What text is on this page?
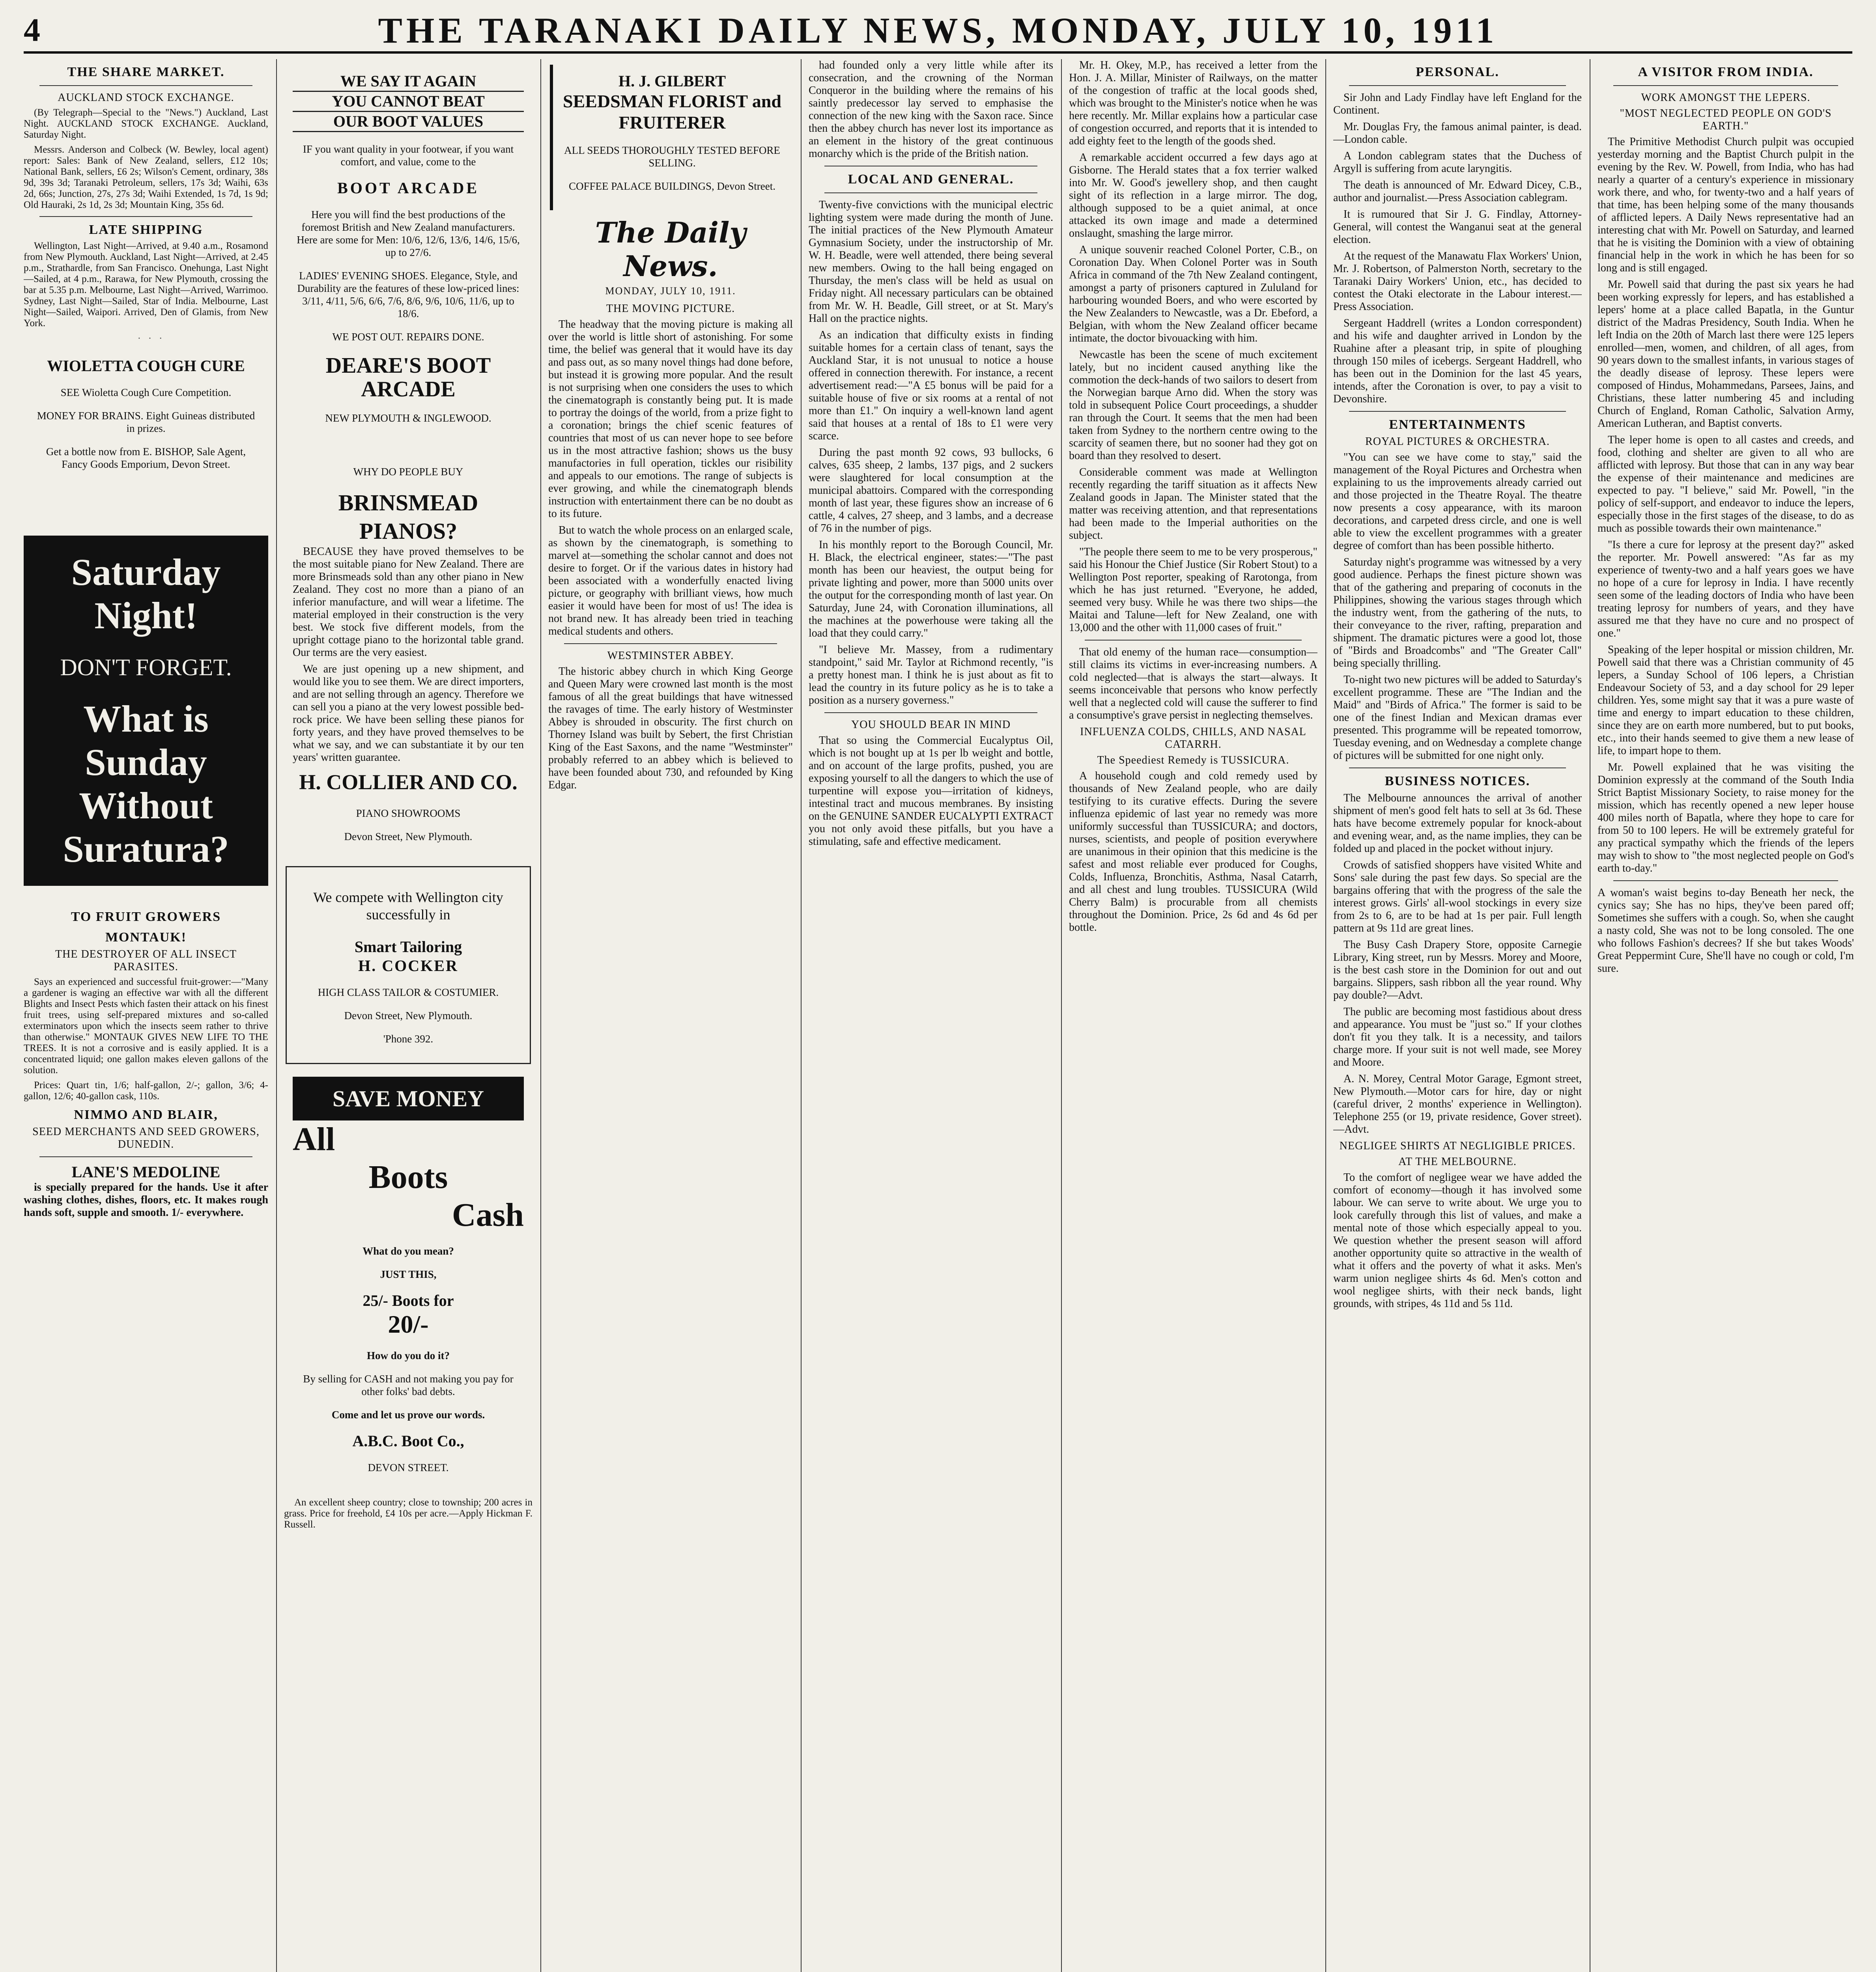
4	THE TARANAKI DAILY NEWS, MONDAY, JULY 10, 1911
THE SHARE MARKET.
AUCKLAND STOCK EXCHANGE.

(By Telegraph—Special to the "News.") Auckland, Last Night. AUCKLAND STOCK EXCHANGE. Auckland, Saturday Night.

Messrs. Anderson and Colbeck (W. Bewley, local agent) report: Sales: Bank of New Zealand, sellers, £12 10s; National Bank, sellers, £6 2s; Wilson's Cement, ordinary, 38s 9d, 39s 3d; Taranaki Petroleum, sellers, 17s 3d; Waihi, 63s 2d, 66s; Junction, 27s, 27s 3d; Waihi Extended, 1s 7d, 1s 9d; Old Hauraki, 2s 1d, 2s 3d; Mountain King, 35s 6d.

LATE SHIPPING

Wellington, Last Night—Arrived, at 9.40 a.m., Rosamond from New Plymouth. Auckland, Last Night—Arrived, at 2.45 p.m., Strathardle, from San Francisco. Onehunga, Last Night—Sailed, at 4 p.m., Rarawa, for New Plymouth, crossing the bar at 5.35 p.m. Melbourne, Last Night—Arrived, Warrimoo. Sydney, Last Night—Sailed, Star of India. Melbourne, Last Night—Sailed, Waipori. Arrived, Den of Glamis, from New York.

· · ·

WIOLETTA COUGH CURE

SEE Wioletta Cough Cure Competition.

MONEY FOR BRAINS. Eight Guineas distributed in prizes.

Get a bottle now from E. BISHOP, Sale Agent, Fancy Goods Emporium, Devon Street.

Saturday
Night!
DON'T FORGET.
What is
Sunday
Without
Suratura?
TO FRUIT GROWERS
MONTAUK!
THE DESTROYER OF ALL INSECT PARASITES.

Says an experienced and successful fruit-grower:—"Many a gardener is waging an effective war with all the different Blights and Insect Pests which fasten their attack on his finest fruit trees, using self-prepared mixtures and so-called exterminators upon which the insects seem rather to thrive than otherwise." MONTAUK GIVES NEW LIFE TO THE TREES. It is not a corrosive and is easily applied. It is a concentrated liquid; one gallon makes eleven gallons of the solution.

Prices: Quart tin, 1/6; half-gallon, 2/-; gallon, 3/6; 4-gallon, 12/6; 40-gallon cask, 110s.

NIMMO AND BLAIR,
SEED MERCHANTS AND SEED GROWERS, DUNEDIN.
LANE'S MEDOLINE

is specially prepared for the hands. Use it after washing clothes, dishes, floors, etc. It makes rough hands soft, supple and smooth. 1/- everywhere.

WE SAY IT AGAIN
YOU CANNOT BEAT
OUR BOOT VALUES

IF you want quality in your footwear, if you want comfort, and value, come to the

BOOT ARCADE

Here you will find the best productions of the foremost British and New Zealand manufacturers. Here are some for Men: 10/6, 12/6, 13/6, 14/6, 15/6, up to 27/6.

LADIES' EVENING SHOES. Elegance, Style, and Durability are the features of these low-priced lines: 3/11, 4/11, 5/6, 6/6, 7/6, 8/6, 9/6, 10/6, 11/6, up to 18/6.

WE POST OUT. REPAIRS DONE.

DEARE'S BOOT ARCADE

NEW PLYMOUTH & INGLEWOOD.

WHY DO PEOPLE BUY

BRINSMEAD PIANOS?

BECAUSE they have proved themselves to be the most suitable piano for New Zealand. There are more Brinsmeads sold than any other piano in New Zealand. They cost no more than a piano of an inferior manufacture, and will wear a lifetime. The material employed in their construction is the very best. We stock five different models, from the upright cottage piano to the horizontal table grand. Our terms are the very easiest.

We are just opening up a new shipment, and would like you to see them. We are direct importers, and are not selling through an agency. Therefore we can sell you a piano at the very lowest possible bed-rock price. We have been selling these pianos for forty years, and they have proved themselves to be what we say, and we can substantiate it by our ten years' written guarantee.

H. COLLIER AND CO.

PIANO SHOWROOMS

Devon Street, New Plymouth.

We compete with Wellington city successfully in

Smart Tailoring
H. COCKER

HIGH CLASS TAILOR & COSTUMIER.

Devon Street, New Plymouth.

'Phone 392.

SAVE MONEY
All
Boots
Cash

What do you mean?

JUST THIS,

25/- Boots for
20/-

How do you do it?

By selling for CASH and not making you pay for other folks' bad debts.

Come and let us prove our words.

A.B.C. Boot Co.,

DEVON STREET.

An excellent sheep country; close to township; 200 acres in grass. Price for freehold, £4 10s per acre.—Apply Hickman F. Russell.

H. J. GILBERT
SEEDSMAN FLORIST and FRUITERER

ALL SEEDS THOROUGHLY TESTED BEFORE SELLING.

COFFEE PALACE BUILDINGS, Devon Street.

The Daily News.
MONDAY, JULY 10, 1911.
THE MOVING PICTURE.

The headway that the moving picture is making all over the world is little short of astonishing. For some time, the belief was general that it would have its day and pass out, as so many novel things had done before, but instead it is growing more popular. And the result is not surprising when one considers the uses to which the cinematograph is constantly being put. It is made to portray the doings of the world, from a prize fight to a coronation; brings the chief scenic features of countries that most of us can never hope to see before us in the most attractive fashion; shows us the busy manufactories in full operation, tickles our risibility and appeals to our emotions. The range of subjects is ever growing, and while the cinematograph blends instruction with entertainment there can be no doubt as to its future.

But to watch the whole process on an enlarged scale, as shown by the cinematograph, is something to marvel at—something the scholar cannot and does not desire to forget. Or if the various dates in history had been associated with a wonderfully enacted living picture, or geography with brilliant views, how much easier it would have been for most of us! The idea is not brand new. It has already been tried in teaching medical students and others.

WESTMINSTER ABBEY.

The historic abbey church in which King George and Queen Mary were crowned last month is the most famous of all the great buildings that have witnessed the ravages of time. The early history of Westminster Abbey is shrouded in obscurity. The first church on Thorney Island was built by Sebert, the first Christian King of the East Saxons, and the name "Westminster" probably referred to an abbey which is believed to have been founded about 730, and refounded by King Edgar.

had founded only a very little while after its consecration, and the crowning of the Norman Conqueror in the building where the remains of his saintly predecessor lay served to emphasise the connection of the new king with the Saxon race. Since then the abbey church has never lost its importance as an element in the history of the great continuous monarchy which is the pride of the British nation.

LOCAL AND GENERAL.

Twenty-five convictions with the municipal electric lighting system were made during the month of June. The initial practices of the New Plymouth Amateur Gymnasium Society, under the instructorship of Mr. W. H. Beadle, were well attended, there being several new members. Owing to the hall being engaged on Thursday, the men's class will be held as usual on Friday night. All necessary particulars can be obtained from Mr. W. H. Beadle, Gill street, or at St. Mary's Hall on the practice nights.

As an indication that difficulty exists in finding suitable homes for a certain class of tenant, says the Auckland Star, it is not unusual to notice a house offered in connection therewith. For instance, a recent advertisement read:—"A £5 bonus will be paid for a suitable house of five or six rooms at a rental of not more than £1." On inquiry a well-known land agent said that houses at a rental of 18s to £1 were very scarce.

During the past month 92 cows, 93 bullocks, 6 calves, 635 sheep, 2 lambs, 137 pigs, and 2 suckers were slaughtered for local consumption at the municipal abattoirs. Compared with the corresponding month of last year, these figures show an increase of 6 cattle, 4 calves, 27 sheep, and 3 lambs, and a decrease of 76 in the number of pigs.

In his monthly report to the Borough Council, Mr. H. Black, the electrical engineer, states:—"The past month has been our heaviest, the output being for private lighting and power, more than 5000 units over the output for the corresponding month of last year. On Saturday, June 24, with Coronation illuminations, all the machines at the powerhouse were taking all the load that they could carry."

"I believe Mr. Massey, from a rudimentary standpoint," said Mr. Taylor at Richmond recently, "is a pretty honest man. I think he is just about as fit to lead the country in its future policy as he is to take a position as a nursery governess."

YOU SHOULD BEAR IN MIND

That so using the Commercial Eucalyptus Oil, which is not bought up at 1s per lb weight and bottle, and on account of the large profits, pushed, you are exposing yourself to all the dangers to which the use of turpentine will expose you—irritation of kidneys, intestinal tract and mucous membranes. By insisting on the GENUINE SANDER EUCALYPTI EXTRACT you not only avoid these pitfalls, but you have a stimulating, safe and effective medicament.

Mr. H. Okey, M.P., has received a letter from the Hon. J. A. Millar, Minister of Railways, on the matter of the congestion of traffic at the local goods shed, which was brought to the Minister's notice when he was here recently. Mr. Millar explains how a particular case of congestion occurred, and reports that it is intended to add eighty feet to the length of the goods shed.

A remarkable accident occurred a few days ago at Gisborne. The Herald states that a fox terrier walked into Mr. W. Good's jewellery shop, and then caught sight of its reflection in a large mirror. The dog, although supposed to be a quiet animal, at once attacked its own image and made a determined onslaught, smashing the large mirror.

A unique souvenir reached Colonel Porter, C.B., on Coronation Day. When Colonel Porter was in South Africa in command of the 7th New Zealand contingent, amongst a party of prisoners captured in Zululand for harbouring wounded Boers, and who were escorted by the New Zealanders to Newcastle, was a Dr. Ebeford, a Belgian, with whom the New Zealand officer became intimate, the doctor bivouacking with him.

Newcastle has been the scene of much excitement lately, but no incident caused anything like the commotion the deck-hands of two sailors to desert from the Norwegian barque Arno did. When the story was told in subsequent Police Court proceedings, a shudder ran through the Court. It seems that the men had been taken from Sydney to the northern centre owing to the scarcity of seamen there, but no sooner had they got on board than they resolved to desert.

Considerable comment was made at Wellington recently regarding the tariff situation as it affects New Zealand goods in Japan. The Minister stated that the matter was receiving attention, and that representations had been made to the Imperial authorities on the subject.

"The people there seem to me to be very prosperous," said his Honour the Chief Justice (Sir Robert Stout) to a Wellington Post reporter, speaking of Rarotonga, from which he has just returned. "Everyone, he added, seemed very busy. While he was there two ships—the Maitai and Talune—left for New Zealand, one with 13,000 and the other with 11,000 cases of fruit."

That old enemy of the human race—consumption—still claims its victims in ever-increasing numbers. A cold neglected—that is always the start—always. It seems inconceivable that persons who know perfectly well that a neglected cold will cause the sufferer to find a consumptive's grave persist in neglecting themselves.

INFLUENZA COLDS, CHILLS, AND NASAL CATARRH.
The Speediest Remedy is TUSSICURA.

A household cough and cold remedy used by thousands of New Zealand people, who are daily testifying to its curative effects. During the severe influenza epidemic of last year no remedy was more uniformly successful than TUSSICURA; and doctors, nurses, scientists, and people of position everywhere are unanimous in their opinion that this medicine is the safest and most reliable ever produced for Coughs, Colds, Influenza, Bronchitis, Asthma, Nasal Catarrh, and all chest and lung troubles. TUSSICURA (Wild Cherry Balm) is procurable from all chemists throughout the Dominion. Price, 2s 6d and 4s 6d per bottle.

PERSONAL.

Sir John and Lady Findlay have left England for the Continent.

Mr. Douglas Fry, the famous animal painter, is dead.—London cable.

A London cablegram states that the Duchess of Argyll is suffering from acute laryngitis.

The death is announced of Mr. Edward Dicey, C.B., author and journalist.—Press Association cablegram.

It is rumoured that Sir J. G. Findlay, Attorney-General, will contest the Wanganui seat at the general election.

At the request of the Manawatu Flax Workers' Union, Mr. J. Robertson, of Palmerston North, secretary to the Taranaki Dairy Workers' Union, etc., has decided to contest the Otaki electorate in the Labour interest.—Press Association.

Sergeant Haddrell (writes a London correspondent) and his wife and daughter arrived in London by the Ruahine after a pleasant trip, in spite of ploughing through 150 miles of icebergs. Sergeant Haddrell, who has been out in the Dominion for the last 45 years, intends, after the Coronation is over, to pay a visit to Devonshire.

ENTERTAINMENTS
ROYAL PICTURES & ORCHESTRA.

"You can see we have come to stay," said the management of the Royal Pictures and Orchestra when explaining to us the improvements already carried out and those projected in the Theatre Royal. The theatre now presents a cosy appearance, with its maroon decorations, and carpeted dress circle, and one is well able to view the excellent programmes with a greater degree of comfort than has been possible hitherto.

Saturday night's programme was witnessed by a very good audience. Perhaps the finest picture shown was that of the gathering and preparing of coconuts in the Philippines, showing the various stages through which the industry went, from the gathering of the nuts, to their conveyance to the river, rafting, preparation and shipment. The dramatic pictures were a good lot, those of "Birds and Broadcombs" and "The Greater Call" being specially thrilling.

To-night two new pictures will be added to Saturday's excellent programme. These are "The Indian and the Maid" and "Birds of Africa." The former is said to be one of the finest Indian and Mexican dramas ever presented. This programme will be repeated tomorrow, Tuesday evening, and on Wednesday a complete change of pictures will be submitted for one night only.

BUSINESS NOTICES.

The Melbourne announces the arrival of another shipment of men's good felt hats to sell at 3s 6d. These hats have become extremely popular for knock-about and evening wear, and, as the name implies, they can be folded up and placed in the pocket without injury.

Crowds of satisfied shoppers have visited White and Sons' sale during the past few days. So special are the bargains offering that with the progress of the sale the interest grows. Girls' all-wool stockings in every size from 2s to 6, are to be had at 1s per pair. Full length pattern at 9s 11d are great lines.

The Busy Cash Drapery Store, opposite Carnegie Library, King street, run by Messrs. Morey and Moore, is the best cash store in the Dominion for out and out bargains. Slippers, sash ribbon all the year round. Why pay double?—Advt.

The public are becoming most fastidious about dress and appearance. You must be "just so." If your clothes don't fit you they talk. It is a necessity, and tailors charge more. If your suit is not well made, see Morey and Moore.

A. N. Morey, Central Motor Garage, Egmont street, New Plymouth.—Motor cars for hire, day or night (careful driver, 2 months' experience in Wellington). Telephone 255 (or 19, private residence, Gover street).—Advt.

NEGLIGEE SHIRTS AT NEGLIGIBLE PRICES.
AT THE MELBOURNE.

To the comfort of negligee wear we have added the comfort of economy—though it has involved some labour. We can serve to write about. We urge you to look carefully through this list of values, and make a mental note of those which especially appeal to you. We question whether the present season will afford another opportunity quite so attractive in the wealth of what it offers and the poverty of what it asks. Men's warm union negligee shirts 4s 6d. Men's cotton and wool negligee shirts, with their neck bands, light grounds, with stripes, 4s 11d and 5s 11d.

A VISITOR FROM INDIA.
WORK AMONGST THE LEPERS.
"MOST NEGLECTED PEOPLE ON GOD'S EARTH."

The Primitive Methodist Church pulpit was occupied yesterday morning and the Baptist Church pulpit in the evening by the Rev. W. Powell, from India, who has had nearly a quarter of a century's experience in missionary work there, and who, for twenty-two and a half years of that time, has been helping some of the many thousands of afflicted lepers. A Daily News representative had an interesting chat with Mr. Powell on Saturday, and learned that he is visiting the Dominion with a view of obtaining financial help in the work in which he has been for so long and is still engaged.

Mr. Powell said that during the past six years he had been working expressly for lepers, and has established a lepers' home at a place called Bapatla, in the Guntur district of the Madras Presidency, South India. When he left India on the 20th of March last there were 125 lepers enrolled—men, women, and children, of all ages, from 90 years down to the smallest infants, in various stages of the deadly disease of leprosy. These lepers were composed of Hindus, Mohammedans, Parsees, Jains, and Christians, these latter numbering 45 and including Church of England, Roman Catholic, Salvation Army, American Lutheran, and Baptist converts.

The leper home is open to all castes and creeds, and food, clothing and shelter are given to all who are afflicted with leprosy. But those that can in any way bear the expense of their maintenance and medicines are expected to pay. "I believe," said Mr. Powell, "in the policy of self-support, and endeavor to induce the lepers, especially those in the first stages of the disease, to do as much as possible towards their own maintenance."

"Is there a cure for leprosy at the present day?" asked the reporter. Mr. Powell answered: "As far as my experience of twenty-two and a half years goes we have no hope of a cure for leprosy in India. I have recently seen some of the leading doctors of India who have been treating leprosy for numbers of years, and they have assured me that they have no cure and no prospect of one."

Speaking of the leper hospital or mission children, Mr. Powell said that there was a Christian community of 45 lepers, a Sunday School of 106 lepers, a Christian Endeavour Society of 53, and a day school for 29 leper children. Yes, some might say that it was a pure waste of time and energy to impart education to these children, since they are on earth more numbered, but to put books, etc., into their hands seemed to give them a new lease of life, to impart hope to them.

Mr. Powell explained that he was visiting the Dominion expressly at the command of the South India Strict Baptist Missionary Society, to raise money for the mission, which has recently opened a new leper house 400 miles north of Bapatla, where they hope to care for from 50 to 100 lepers. He will be extremely grateful for any practical sympathy which the friends of the lepers may wish to show to "the most neglected people on God's earth to-day."

A woman's waist begins to-day Beneath her neck, the cynics say; She has no hips, they've been pared off; Sometimes she suffers with a cough. So, when she caught a nasty cold, She was not to be long consoled. The one who follows Fashion's decrees? If she but takes Woods' Great Peppermint Cure, She'll have no cough or cold, I'm sure.
